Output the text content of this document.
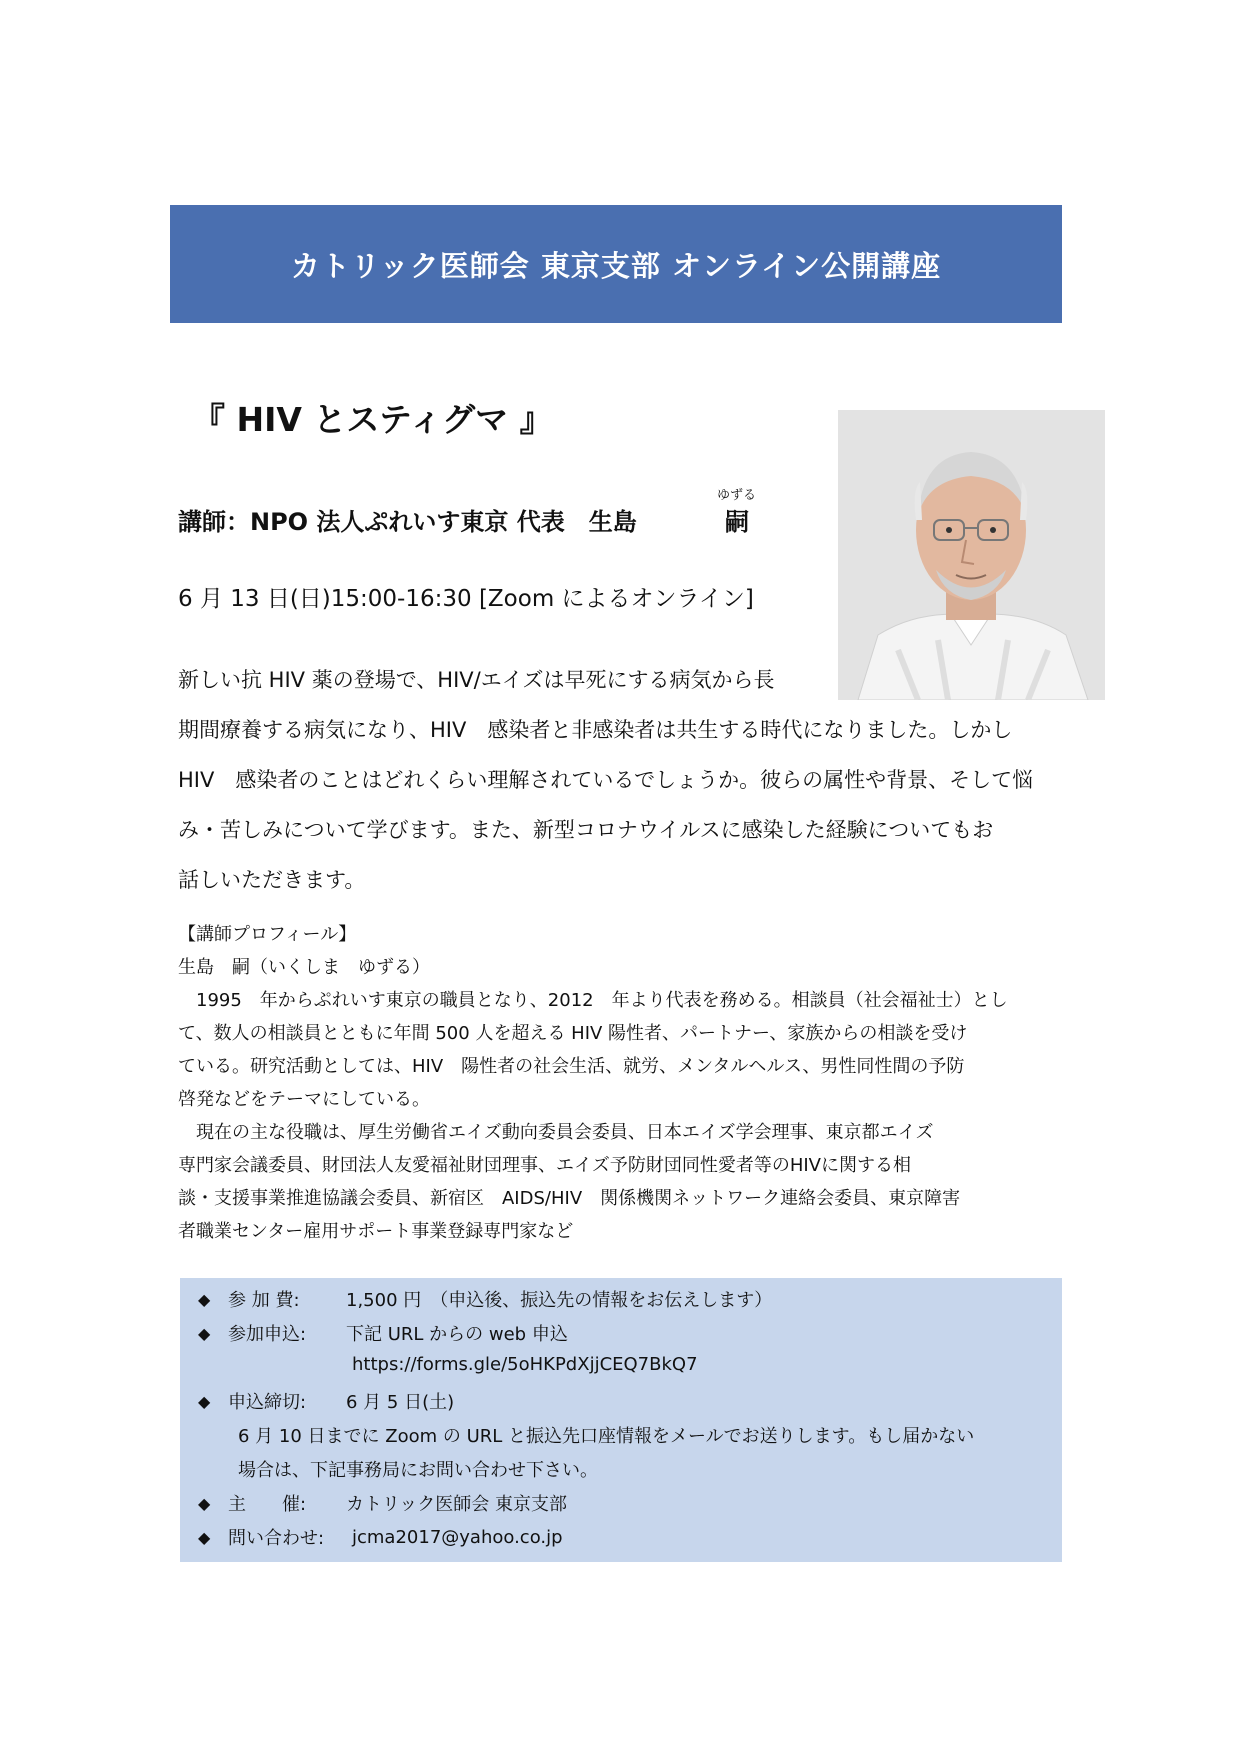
カトリック医師会 東京支部 オンライン公開講座
『 HIV とスティグマ 』
講師：NPO 法人ぷれいす東京 代表　生島
ゆずる
嗣
6 月 13 日(日)15:00-16:30 [Zoom によるオンライン]
新しい抗 HIV 薬の登場で、HIV/エイズは早死にする病気から長
期間療養する病気になり、HIV　感染者と非感染者は共生する時代になりました。しかし
HIV　感染者のことはどれくらい理解されているでしょうか。彼らの属性や背景、そして悩
み・苦しみについて学びます。また、新型コロナウイルスに感染した経験についてもお
話しいただきます。
【講師プロフィール】
生島　嗣（いくしま　ゆずる）
　1995　年からぷれいす東京の職員となり、2012　年より代表を務める。相談員（社会福祉士）とし
て、数人の相談員とともに年間 500 人を超える HIV 陽性者、パートナー、家族からの相談を受け
ている。研究活動としては、HIV　陽性者の社会生活、就労、メンタルヘルス、男性同性間の予防
啓発などをテーマにしている。
　現在の主な役職は、厚生労働省エイズ動向委員会委員、日本エイズ学会理事、東京都エイズ
専門家会議委員、財団法人友愛福祉財団理事、エイズ予防財団同性愛者等のHIVに関する相
談・支援事業推進協議会委員、新宿区　AIDS/HIV　関係機関ネットワーク連絡会委員、東京障害
者職業センター雇用サポート事業登録専門家など
◆ 参 加 費:	1,500 円　（申込後、振込先の情報をお伝えします）
◆ 参加申込:	下記 URL からの web 申込
https://forms.gle/5oHKPdXjjCEQ7BkQ7
◆ 申込締切:	6 月 5 日(土)
6 月 10 日までに Zoom の URL と振込先口座情報をメールでお送りします。もし届かない
場合は、下記事務局にお問い合わせ下さい。
◆ 主　　催:	カトリック医師会 東京支部
◆ 問い合わせ:	jcma2017@yahoo.co.jp
